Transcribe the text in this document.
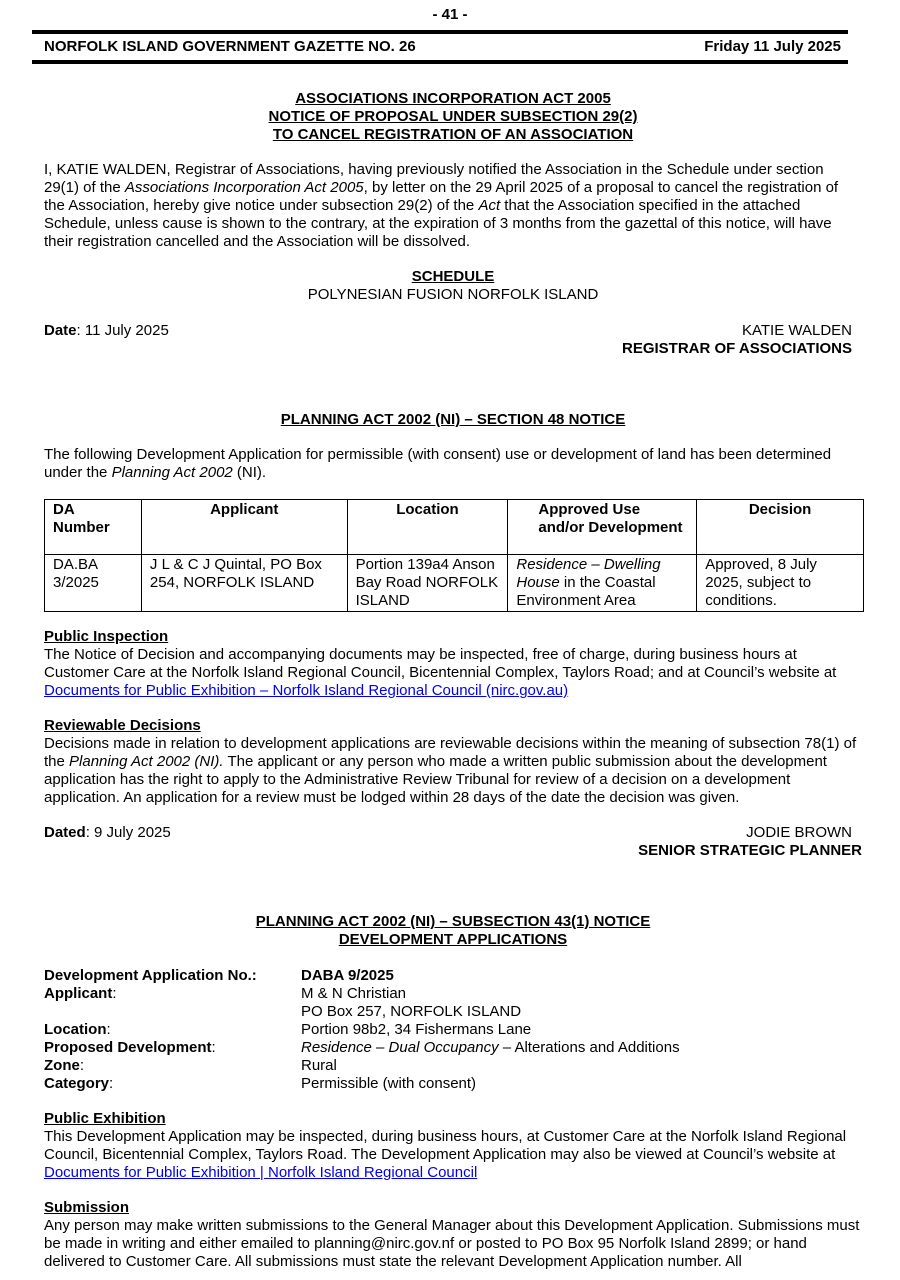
- 41 -
NORFOLK ISLAND GOVERNMENT GAZETTE NO. 26	Friday 11 July 2025
ASSOCIATIONS INCORPORATION ACT 2005
NOTICE OF PROPOSAL UNDER SUBSECTION 29(2)
TO CANCEL REGISTRATION OF AN ASSOCIATION

I, KATIE WALDEN, Registrar of Associations, having previously notified the Association in the Schedule under section 29(1) of the Associations Incorporation Act 2005, by letter on the 29 April 2025 of a proposal to cancel the registration of the Association, hereby give notice under subsection 29(2) of the Act that the Association specified in the attached Schedule, unless cause is shown to the contrary, at the expiration of 3 months from the gazettal of this notice, will have their registration cancelled and the Association will be dissolved.

SCHEDULE
POLYNESIAN FUSION NORFOLK ISLAND
Date: 11 July 2025	KATIE WALDEN
REGISTRAR OF ASSOCIATIONS
PLANNING ACT 2002 (NI) – SECTION 48 NOTICE

The following Development Application for permissible (with consent) use or development of land has been determined under the Planning Act 2002 (NI).

DA Number	Applicant	Location	Approved Use and/or Development	Decision
DA.BA 3/2025	J L & C J Quintal, PO Box 254, NORFOLK ISLAND	Portion 139a4 Anson Bay Road NORFOLK ISLAND	Residence – Dwelling House in the Coastal Environment Area	Approved, 8 July 2025, subject to conditions.
Public Inspection

The Notice of Decision and accompanying documents may be inspected, free of charge, during business hours at Customer Care at the Norfolk Island Regional Council, Bicentennial Complex, Taylors Road; and at Council’s website at Documents for Public Exhibition – Norfolk Island Regional Council (nirc.gov.au)

Reviewable Decisions

Decisions made in relation to development applications are reviewable decisions within the meaning of subsection 78(1) of the Planning Act 2002 (NI). The applicant or any person who made a written public submission about the development application has the right to apply to the Administrative Review Tribunal for review of a decision on a development application. An application for a review must be lodged within 28 days of the date the decision was given.

Dated: 9 July 2025	JODIE BROWN
SENIOR STRATEGIC PLANNER
PLANNING ACT 2002 (NI) – SUBSECTION 43(1) NOTICE
DEVELOPMENT APPLICATIONS
Development Application No.:	DABA 9/2025
Applicant:	M & N Christian
PO Box 257, NORFOLK ISLAND
Location:	Portion 98b2, 34 Fishermans Lane
Proposed Development:	Residence – Dual Occupancy – Alterations and Additions
Zone:	Rural
Category:	Permissible (with consent)
Public Exhibition

This Development Application may be inspected, during business hours, at Customer Care at the Norfolk Island Regional Council, Bicentennial Complex, Taylors Road. The Development Application may also be viewed at Council’s website at Documents for Public Exhibition | Norfolk Island Regional Council

Submission

Any person may make written submissions to the General Manager about this Development Application. Submissions must be made in writing and either emailed to planning@nirc.gov.nf or posted to PO Box 95 Norfolk Island 2899; or hand delivered to Customer Care. All submissions must state the relevant Development Application number. All
